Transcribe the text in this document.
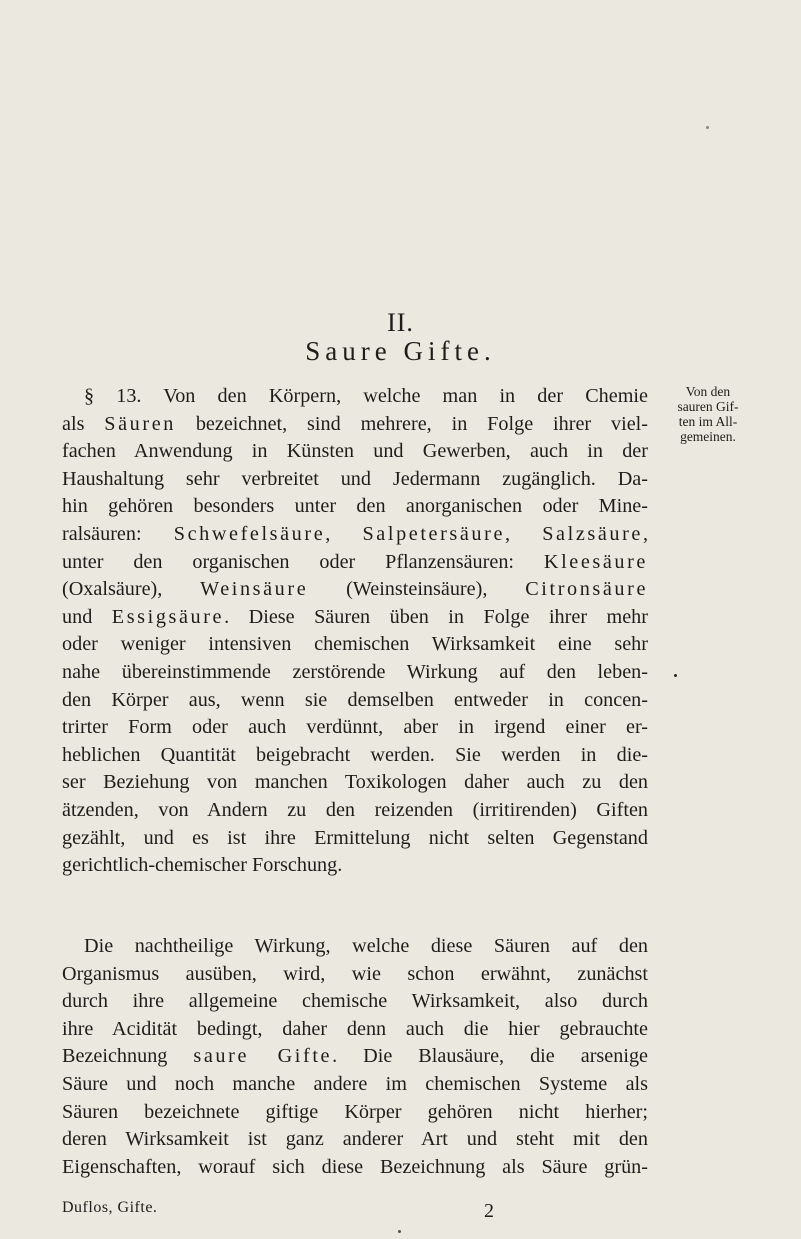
II.
Saure Gifte.
Von den
sauren Gif-
ten im All-
gemeinen.
§ 13. Von den Körpern, welche man in der Chemie
als Säuren bezeichnet, sind mehrere, in Folge ihrer viel-
fachen Anwendung in Künsten und Gewerben, auch in der
Haushaltung sehr verbreitet und Jedermann zugänglich. Da-
hin gehören besonders unter den anorganischen oder Mine-
ralsäuren: Schwefelsäure, Salpetersäure, Salzsäure,
unter den organischen oder Pflanzensäuren: Kleesäure
(Oxalsäure), Weinsäure (Weinsteinsäure), Citronsäure
und Essigsäure. Diese Säuren üben in Folge ihrer mehr
oder weniger intensiven chemischen Wirksamkeit eine sehr
nahe übereinstimmende zerstörende Wirkung auf den leben-
den Körper aus, wenn sie demselben entweder in concen-
trirter Form oder auch verdünnt, aber in irgend einer er-
heblichen Quantität beigebracht werden. Sie werden in die-
ser Beziehung von manchen Toxikologen daher auch zu den
ätzenden, von Andern zu den reizenden (irritirenden) Giften
gezählt, und es ist ihre Ermittelung nicht selten Gegenstand
gerichtlich-chemischer Forschung.
Die nachtheilige Wirkung, welche diese Säuren auf den
Organismus ausüben, wird, wie schon erwähnt, zunächst
durch ihre allgemeine chemische Wirksamkeit, also durch
ihre Acidität bedingt, daher denn auch die hier gebrauchte
Bezeichnung saure Gifte. Die Blausäure, die arsenige
Säure und noch manche andere im chemischen Systeme als
Säuren bezeichnete giftige Körper gehören nicht hierher;
deren Wirksamkeit ist ganz anderer Art und steht mit den
Eigenschaften, worauf sich diese Bezeichnung als Säure grün-
Duflos, Gifte.	2
